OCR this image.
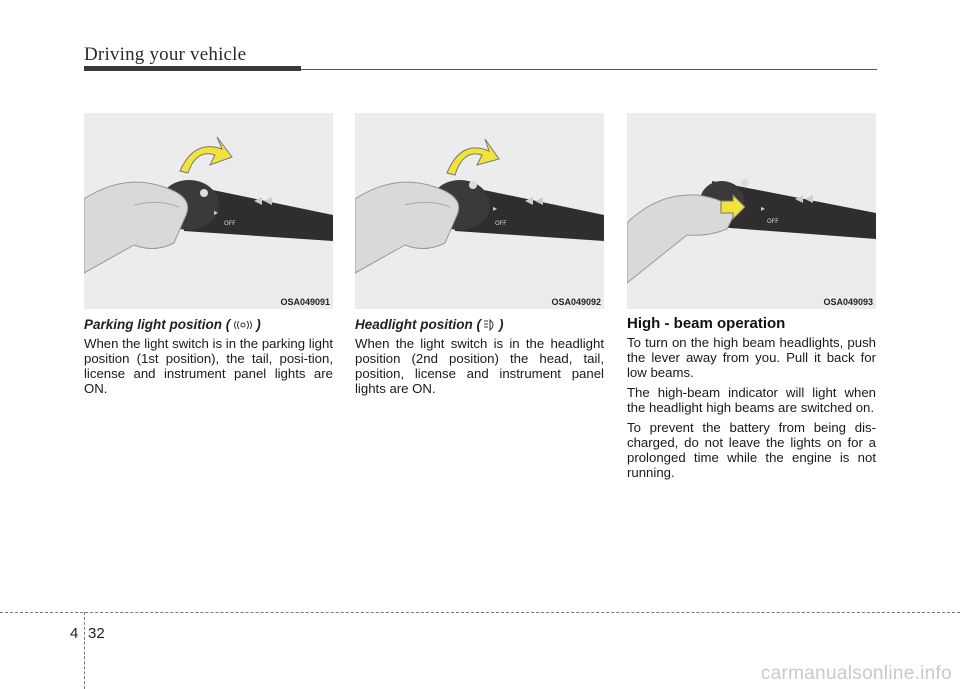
Driving your vehicle
▸
OFF
OSA049091
Parking light position ( )

When the light switch is in the parking light position (1st position), the tail, posi-tion, license and instrument panel lights are ON.

▸
OFF
OSA049092
Headlight position ( )

When the light switch is in the headlight position (2nd position) the head, tail, position, license and instrument panel lights are ON.

▸
OFF
OSA049093
High - beam operation

To turn on the high beam headlights, push the lever away from you. Pull it back for low beams.

The high-beam indicator will light when the headlight high beams are switched on.

To prevent the battery from being dis-charged, do not leave the lights on for a prolonged time while the engine is not running.

4 32
carmanualsonline.info
